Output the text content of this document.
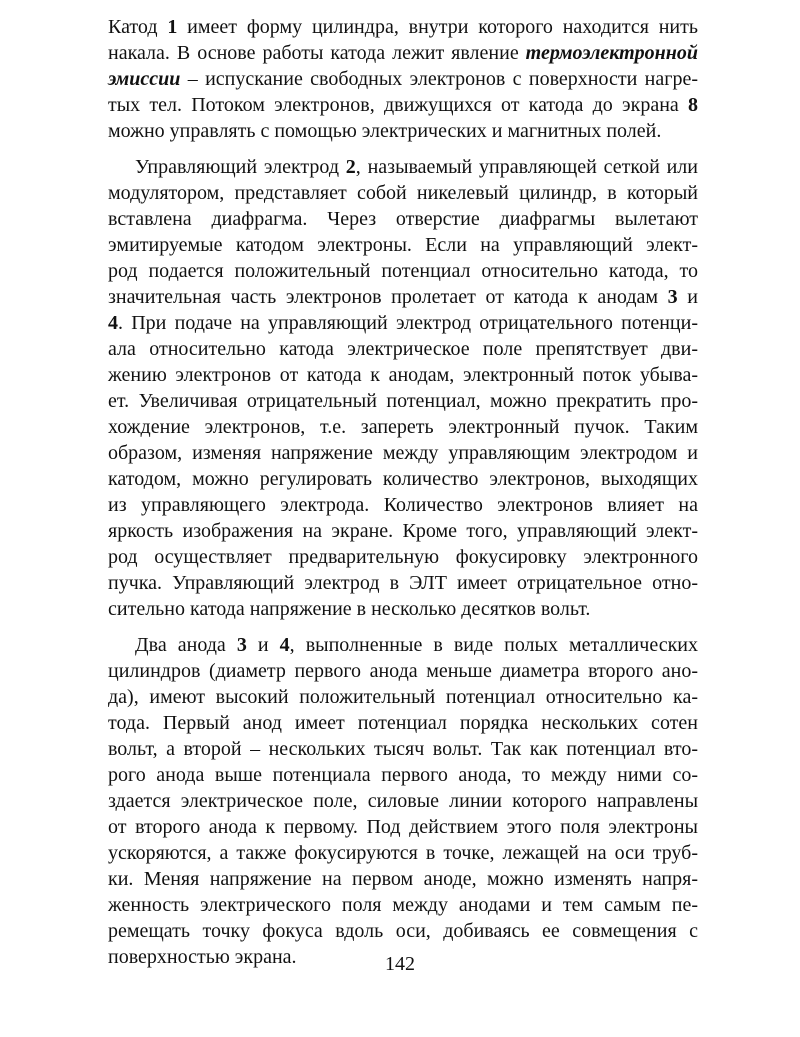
Катод 1 имеет форму цилиндра, внутри которого находится нить
накала. В основе работы катода лежит явление термоэлектронной
эмиссии – испускание свободных электронов с поверхности нагре-
тых тел. Потоком электронов, движущихся от катода до экрана 8
можно управлять с помощью электрических и магнитных полей.
Управляющий электрод 2, называемый управляющей сеткой или
модулятором, представляет собой никелевый цилиндр, в который
вставлена диафрагма. Через отверстие диафрагмы вылетают
эмитируемые катодом электроны. Если на управляющий элект-
род подается положительный потенциал относительно катода, то
значительная часть электронов пролетает от катода к анодам 3 и
4. При подаче на управляющий электрод отрицательного потенци-
ала относительно катода электрическое поле препятствует дви-
жению электронов от катода к анодам, электронный поток убыва-
ет. Увеличивая отрицательный потенциал, можно прекратить про-
хождение электронов, т.е. запереть электронный пучок. Таким
образом, изменяя напряжение между управляющим электродом и
катодом, можно регулировать количество электронов, выходящих
из управляющего электрода. Количество электронов влияет на
яркость изображения на экране. Кроме того, управляющий элект-
род осуществляет предварительную фокусировку электронного
пучка. Управляющий электрод в ЭЛТ имеет отрицательное отно-
сительно катода напряжение в несколько десятков вольт.
Два анода 3 и 4, выполненные в виде полых металлических
цилиндров (диаметр первого анода меньше диаметра второго ано-
да), имеют высокий положительный потенциал относительно ка-
тода. Первый анод имеет потенциал порядка нескольких сотен
вольт, а второй – нескольких тысяч вольт. Так как потенциал вто-
рого анода выше потенциала первого анода, то между ними со-
здается электрическое поле, силовые линии которого направлены
от второго анода к первому. Под действием этого поля электроны
ускоряются, а также фокусируются в точке, лежащей на оси труб-
ки. Меняя напряжение на первом аноде, можно изменять напря-
женность электрического поля между анодами и тем самым пе-
ремещать точку фокуса вдоль оси, добиваясь ее совмещения с
поверхностью экрана.	142
